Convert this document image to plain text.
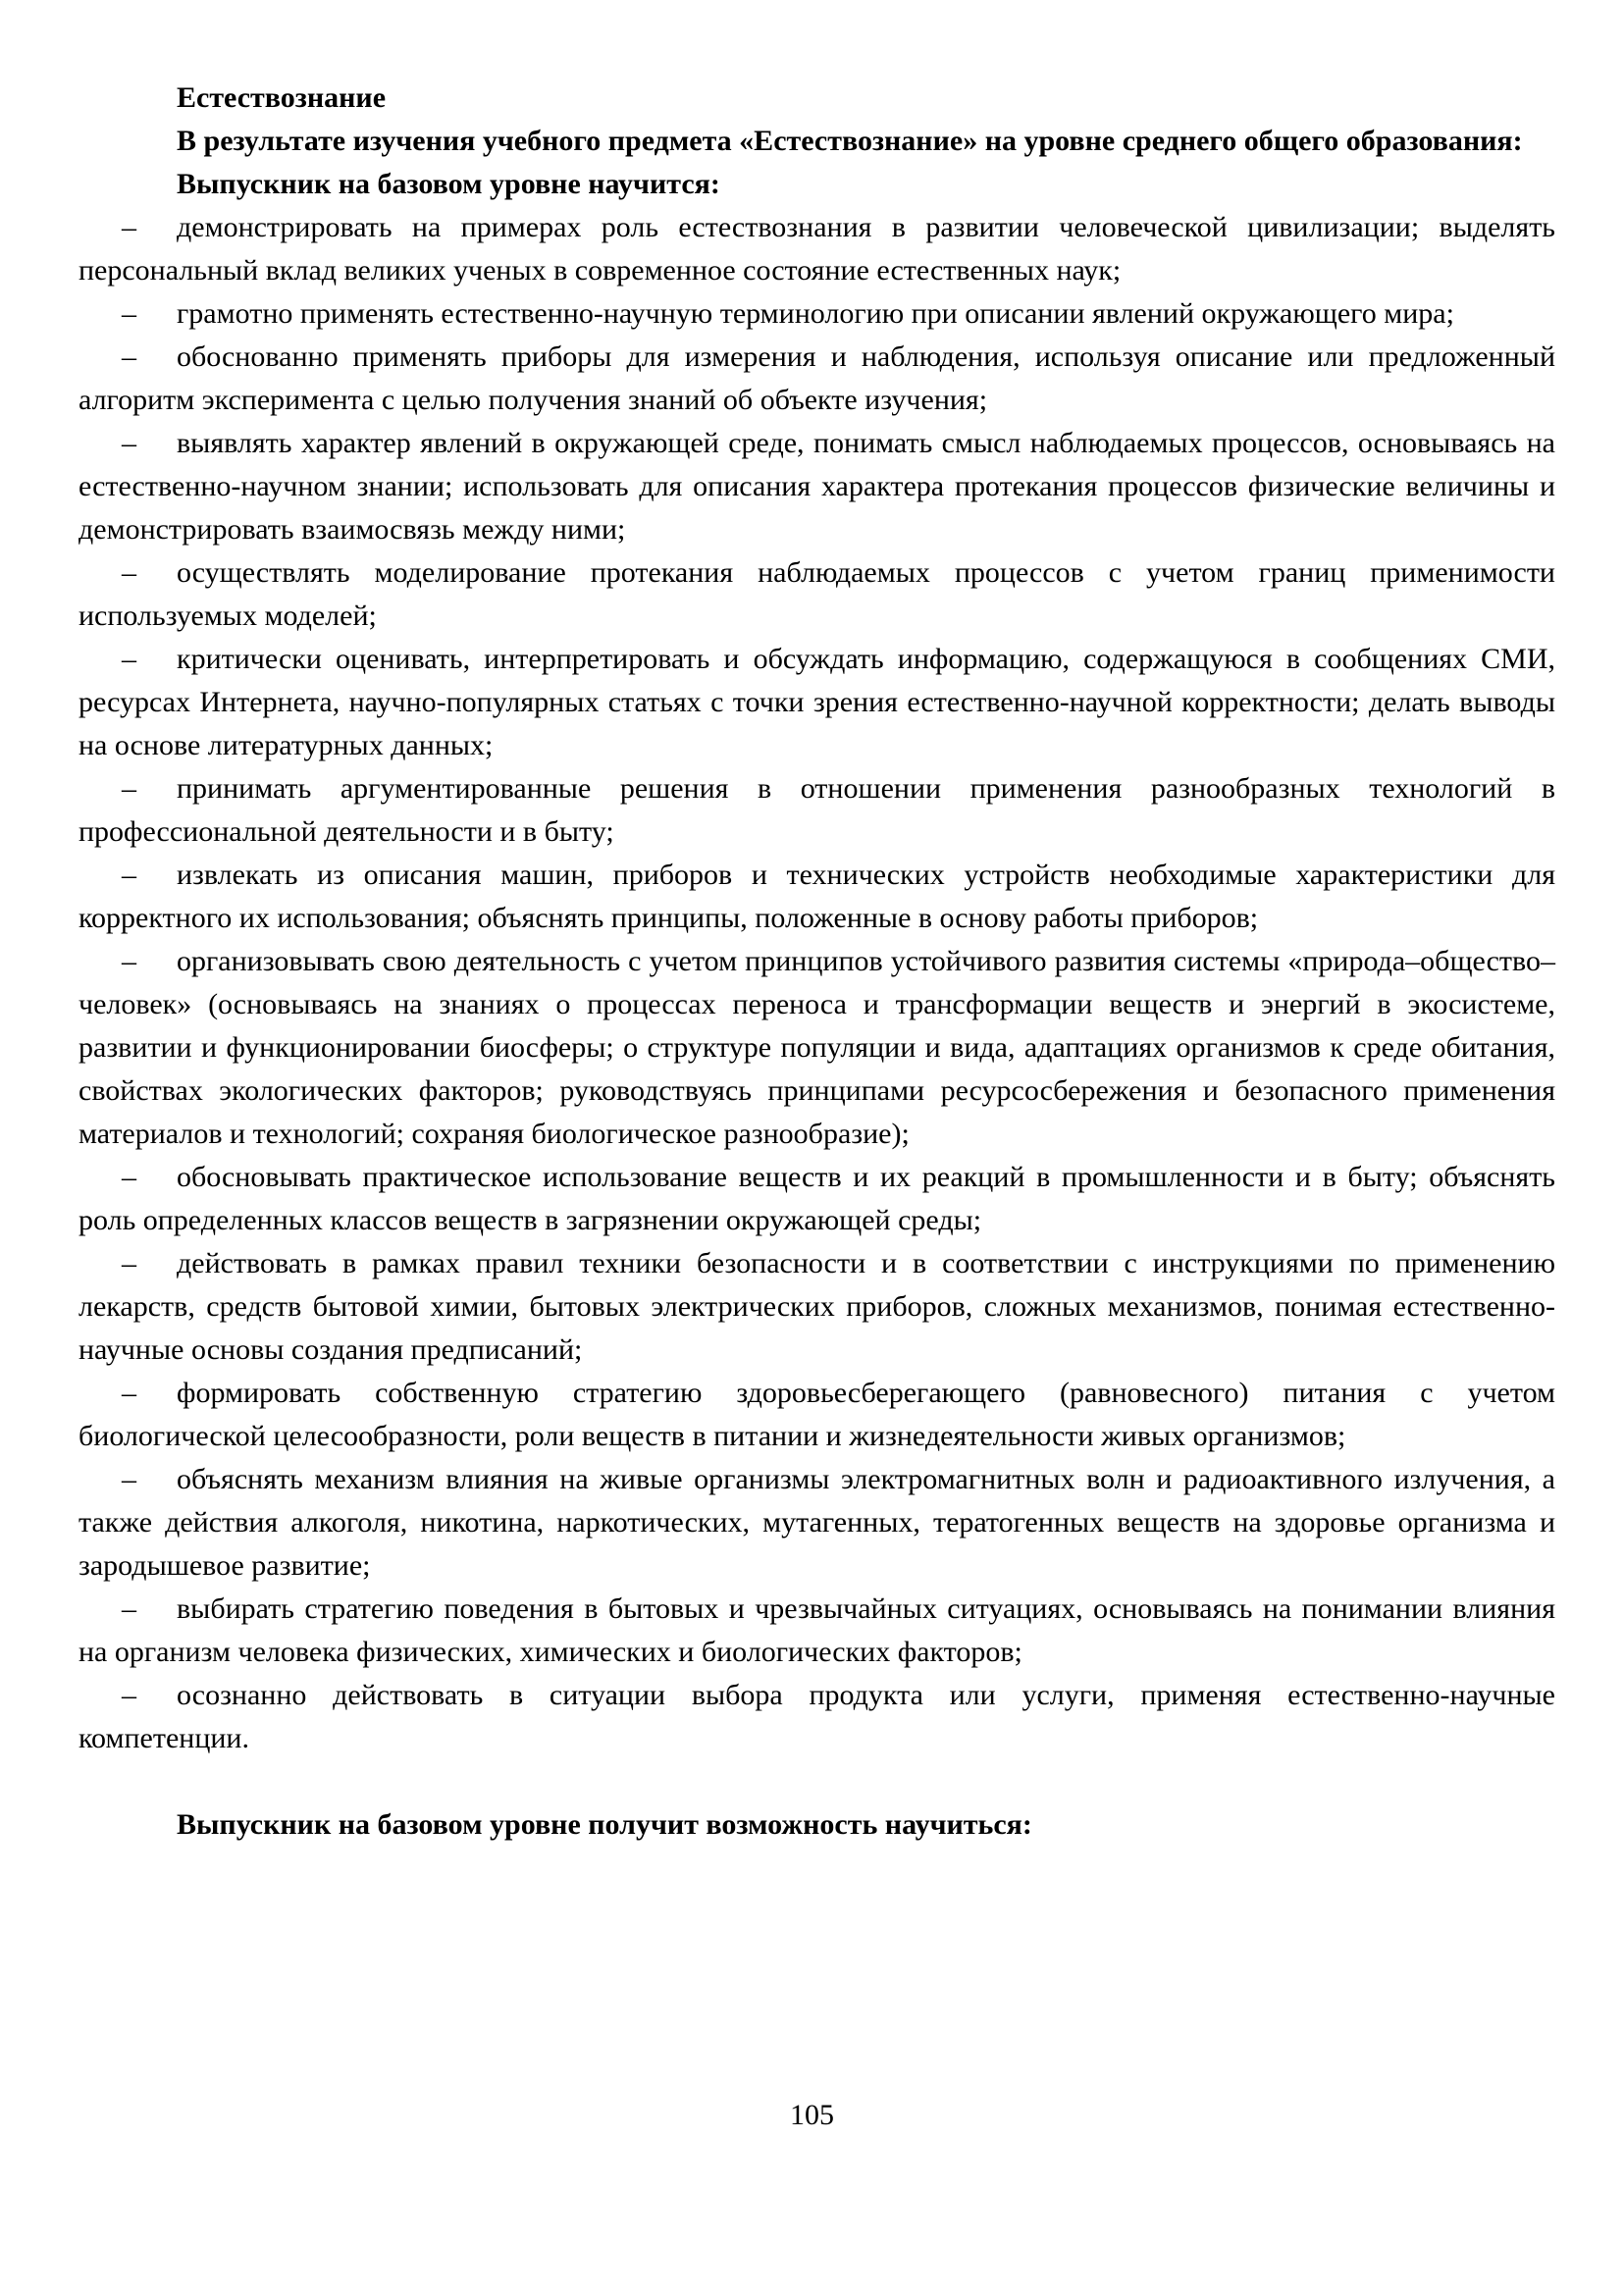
Естествознание

В результате изучения учебного предмета «Естествознание» на уровне среднего общего образования:

Выпускник на базовом уровне научится:

– демонстрировать на примерах роль естествознания в развитии человеческой цивилизации; выделять персональный вклад великих ученых в современное состояние естественных наук;
– грамотно применять естественно-научную терминологию при описании явлений окружающего мира;
– обоснованно применять приборы для измерения и наблюдения, используя описание или предложенный алгоритм эксперимента с целью получения знаний об объекте изучения;
– выявлять характер явлений в окружающей среде, понимать смысл наблюдаемых процессов, основываясь на естественно-научном знании; использовать для описания характера протекания процессов физические величины и демонстрировать взаимосвязь между ними;
– осуществлять моделирование протекания наблюдаемых процессов с учетом границ применимости используемых моделей;
– критически оценивать, интерпретировать и обсуждать информацию, содержащуюся в сообщениях СМИ, ресурсах Интернета, научно-популярных статьях с точки зрения естественно-научной корректности; делать выводы на основе литературных данных;
– принимать аргументированные решения в отношении применения разнообразных технологий в профессиональной деятельности и в быту;
– извлекать из описания машин, приборов и технических устройств необходимые характеристики для корректного их использования; объяснять принципы, положенные в основу работы приборов;
– организовывать свою деятельность с учетом принципов устойчивого развития системы «природа–общество–человек» (основываясь на знаниях о процессах переноса и трансформации веществ и энергий в экосистеме, развитии и функционировании биосферы; о структуре популяции и вида, адаптациях организмов к среде обитания, свойствах экологических факторов; руководствуясь принципами ресурсосбережения и безопасного применения материалов и технологий; сохраняя биологическое разнообразие);
– обосновывать практическое использование веществ и их реакций в промышленности и в быту; объяснять роль определенных классов веществ в загрязнении окружающей среды;
– действовать в рамках правил техники безопасности и в соответствии с инструкциями по применению лекарств, средств бытовой химии, бытовых электрических приборов, сложных механизмов, понимая естественно-научные основы создания предписаний;
– формировать собственную стратегию здоровьесберегающего (равновесного) питания с учетом биологической целесообразности, роли веществ в питании и жизнедеятельности живых организмов;
– объяснять механизм влияния на живые организмы электромагнитных волн и радиоактивного излучения, а также действия алкоголя, никотина, наркотических, мутагенных, тератогенных веществ на здоровье организма и зародышевое развитие;
– выбирать стратегию поведения в бытовых и чрезвычайных ситуациях, основываясь на понимании влияния на организм человека физических, химических и биологических факторов;
– осознанно действовать в ситуации выбора продукта или услуги, применяя естественно-научные компетенции.

Выпускник на базовом уровне получит возможность научиться:

105
